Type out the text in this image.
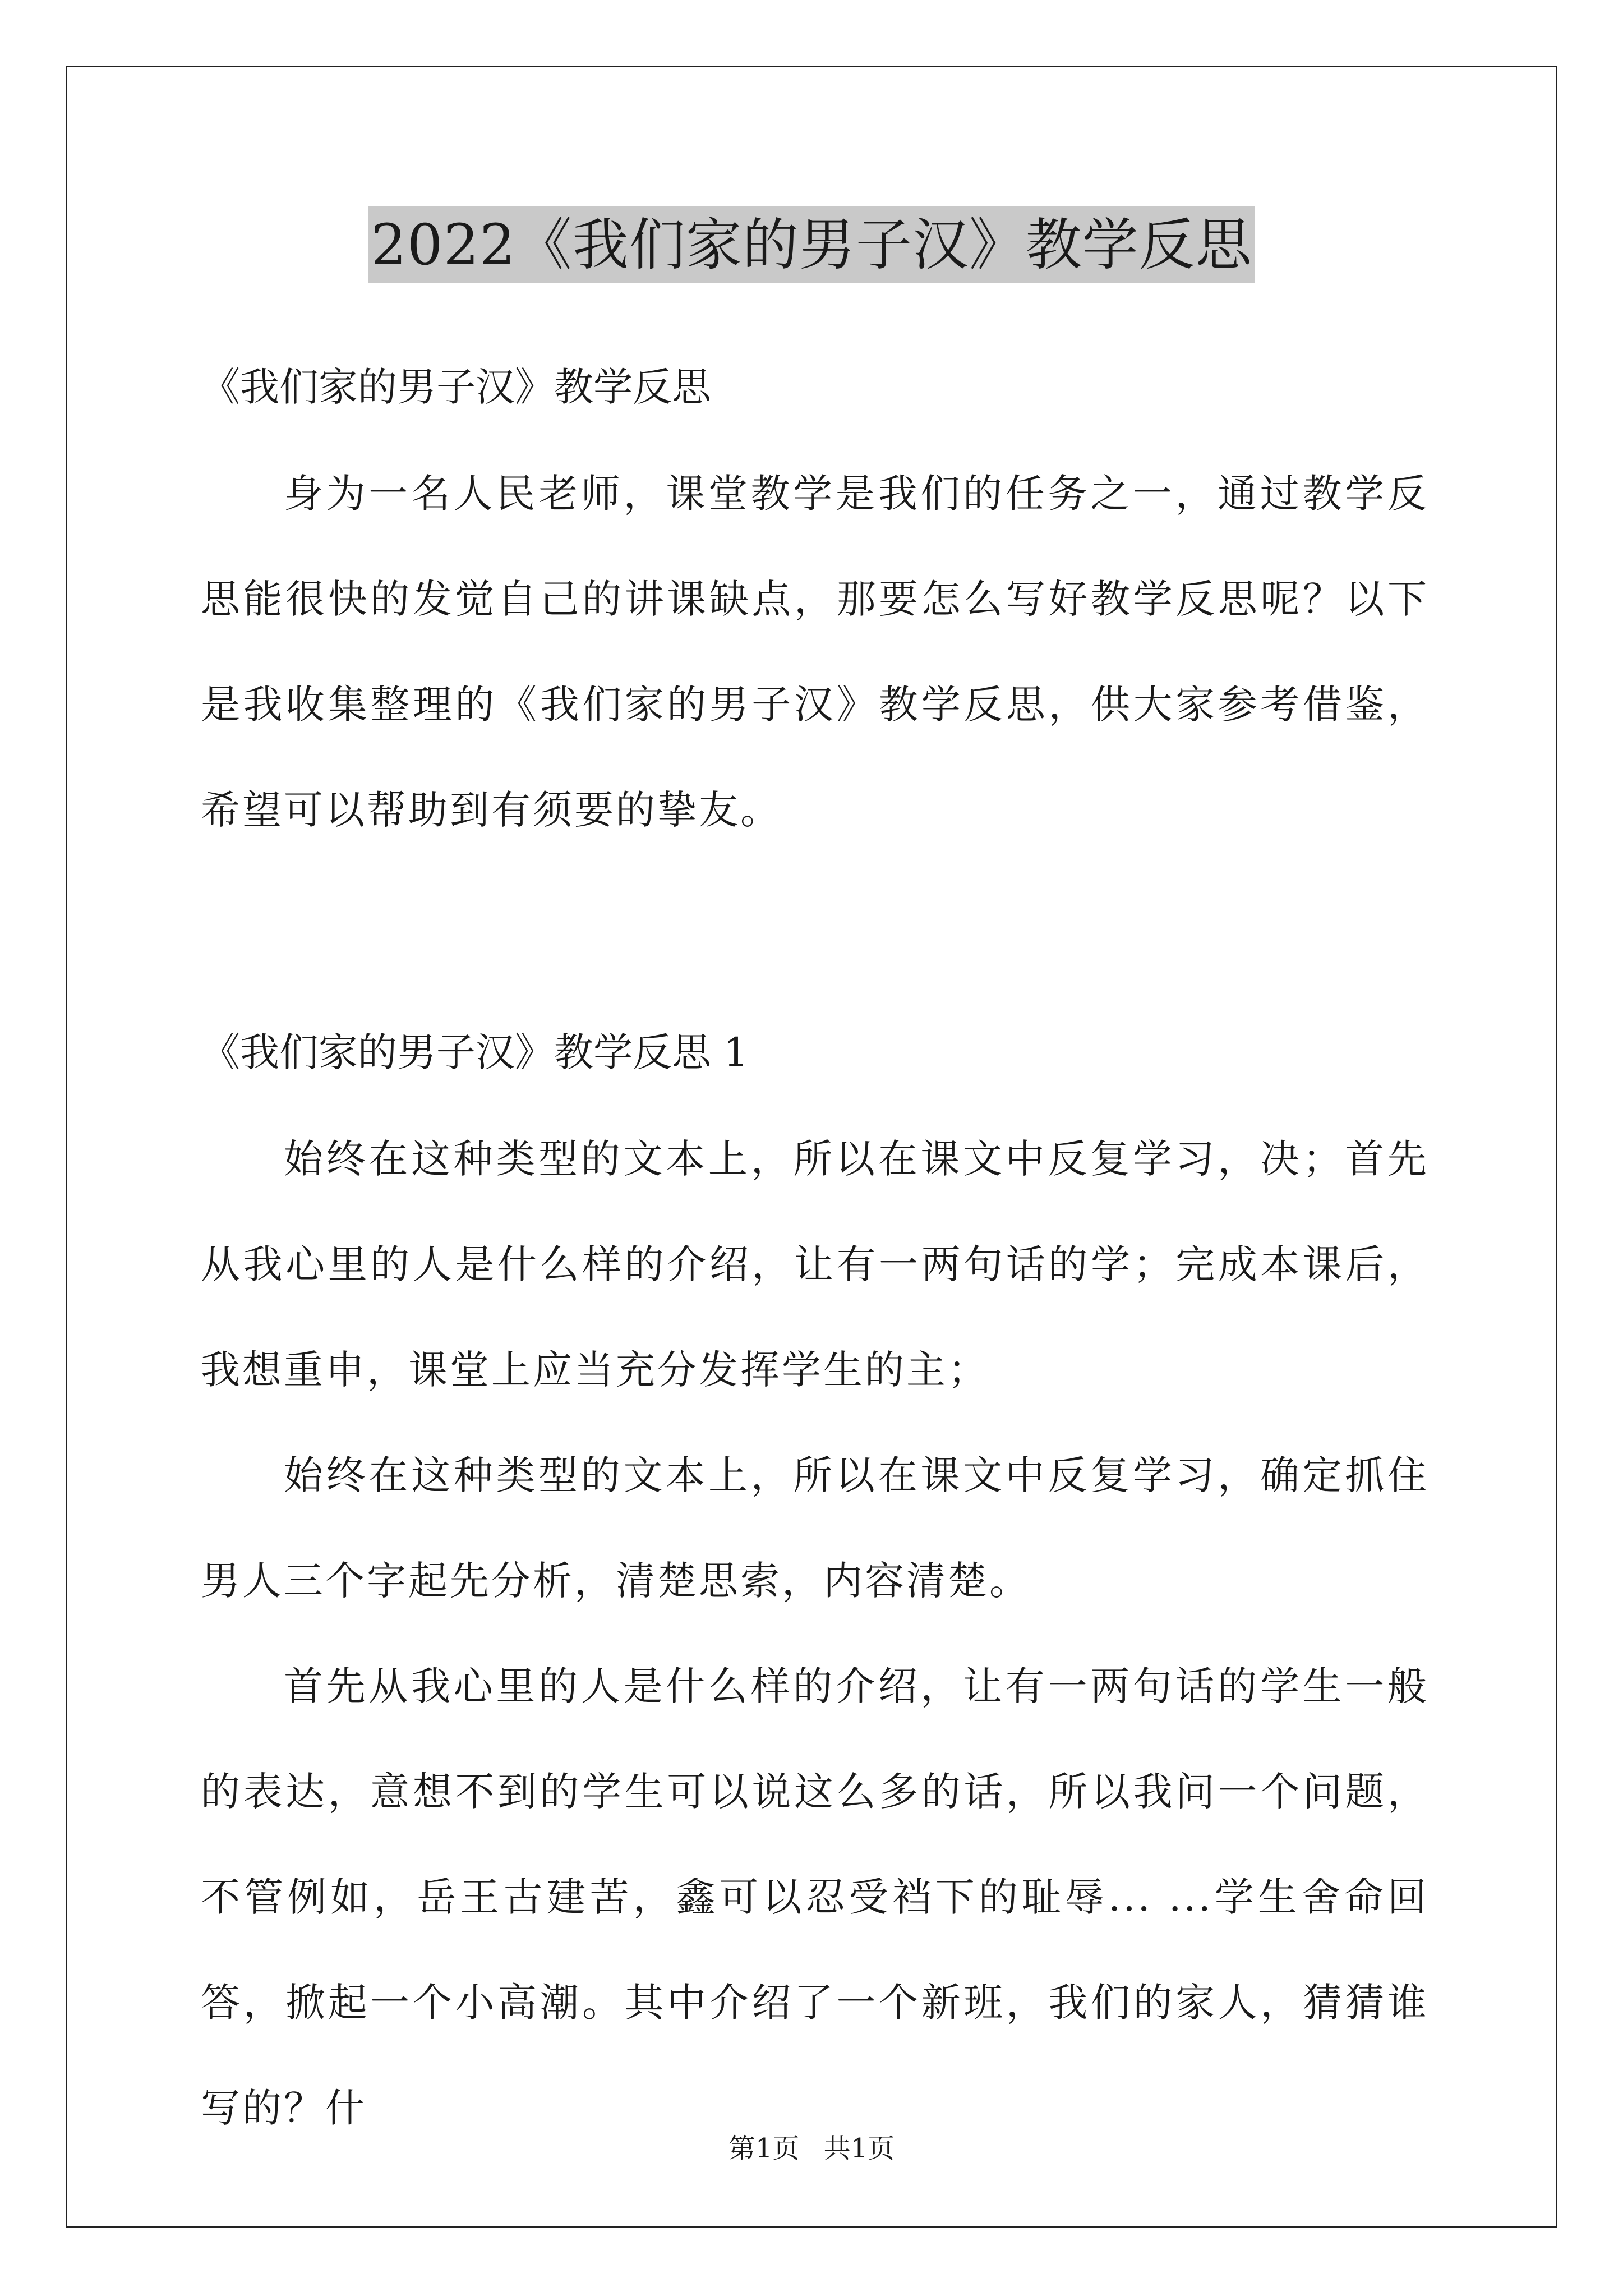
2022《我们家的男子汉》教学反思

《我们家的男子汉》教学反思

身为一名人民老师，课堂教学是我们的任务之一，通过教学反思能很快的发觉自己的讲课缺点，那要怎么写好教学反思呢？以下是我收集整理的《我们家的男子汉》教学反思，供大家参考借鉴，希望可以帮助到有须要的挚友。

《我们家的男子汉》教学反思 1

始终在这种类型的文本上，所以在课文中反复学习，决；首先从我心里的人是什么样的介绍，让有一两句话的学；完成本课后，我想重申，课堂上应当充分发挥学生的主；

始终在这种类型的文本上，所以在课文中反复学习，确定抓住男人三个字起先分析，清楚思索，内容清楚。

首先从我心里的人是什么样的介绍，让有一两句话的学生一般的表达，意想不到的学生可以说这么多的话，所以我问一个问题，不管例如，岳王古建苦，鑫可以忍受裆下的耻辱... ...学生舍命回答，掀起一个小高潮。其中介绍了一个新班，我们的家人，猜猜谁写的？什

第1页 共1页
